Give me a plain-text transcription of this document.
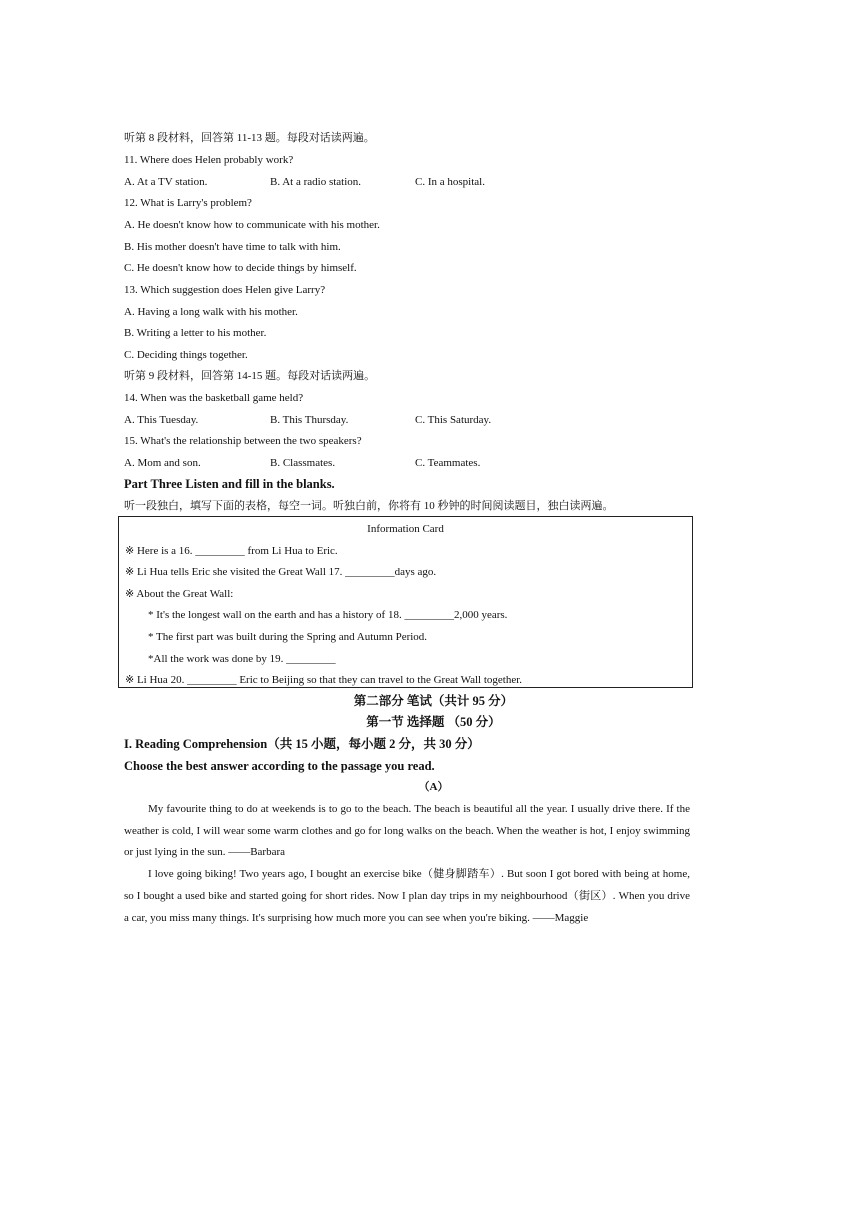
听第 8 段材料，回答第 11-13 题。每段对话读两遍。
11. Where does Helen probably work?
A. At a TV station.	B. At a radio station.	C. In a hospital.
12. What is Larry's problem?
A. He doesn't know how to communicate with his mother.
B. His mother doesn't have time to talk with him.
C. He doesn't know how to decide things by himself.
13. Which suggestion does Helen give Larry?
A. Having a long walk with his mother.
B. Writing a letter to his mother.
C. Deciding things together.
听第 9 段材料，回答第 14-15 题。每段对话读两遍。
14. When was the basketball game held?
A. This Tuesday.	B. This Thursday.	C. This Saturday.
15. What's the relationship between the two speakers?
A. Mom and son.	B. Classmates.	C. Teammates.
Part Three Listen and fill in the blanks.
听一段独白，填写下面的表格，每空一词。听独白前，你将有 10 秒钟的时间阅读题目，独白读两遍。
Information Card
※ Here is a 16. _________ from Li Hua to Eric.
※ Li Hua tells Eric she visited the Great Wall 17. _________days ago.
※ About the Great Wall:
* It's the longest wall on the earth and has a history of 18. _________2,000 years.
* The first part was built during the Spring and Autumn Period.
*All the work was done by 19. _________
※ Li Hua 20. _________ Eric to Beijing so that they can travel to the Great Wall together.
第二部分 笔试（共计 95 分）
第一节 选择题 （50 分）
I. Reading Comprehension（共 15 小题，每小题 2 分，共 30 分）
Choose the best answer according to the passage you read.
（A）

My favourite thing to do at weekends is to go to the beach. The beach is beautiful all the year. I usually drive there. If the weather is cold, I will wear some warm clothes and go for long walks on the beach. When the weather is hot, I enjoy swimming or just lying in the sun. ——Barbara

I love going biking! Two years ago, I bought an exercise bike（健身脚踏车）. But soon I got bored with being at home, so I bought a used bike and started going for short rides. Now I plan day trips in my neighbourhood（街区）. When you drive a car, you miss many things. It's surprising how much more you can see when you're biking. ——Maggie
